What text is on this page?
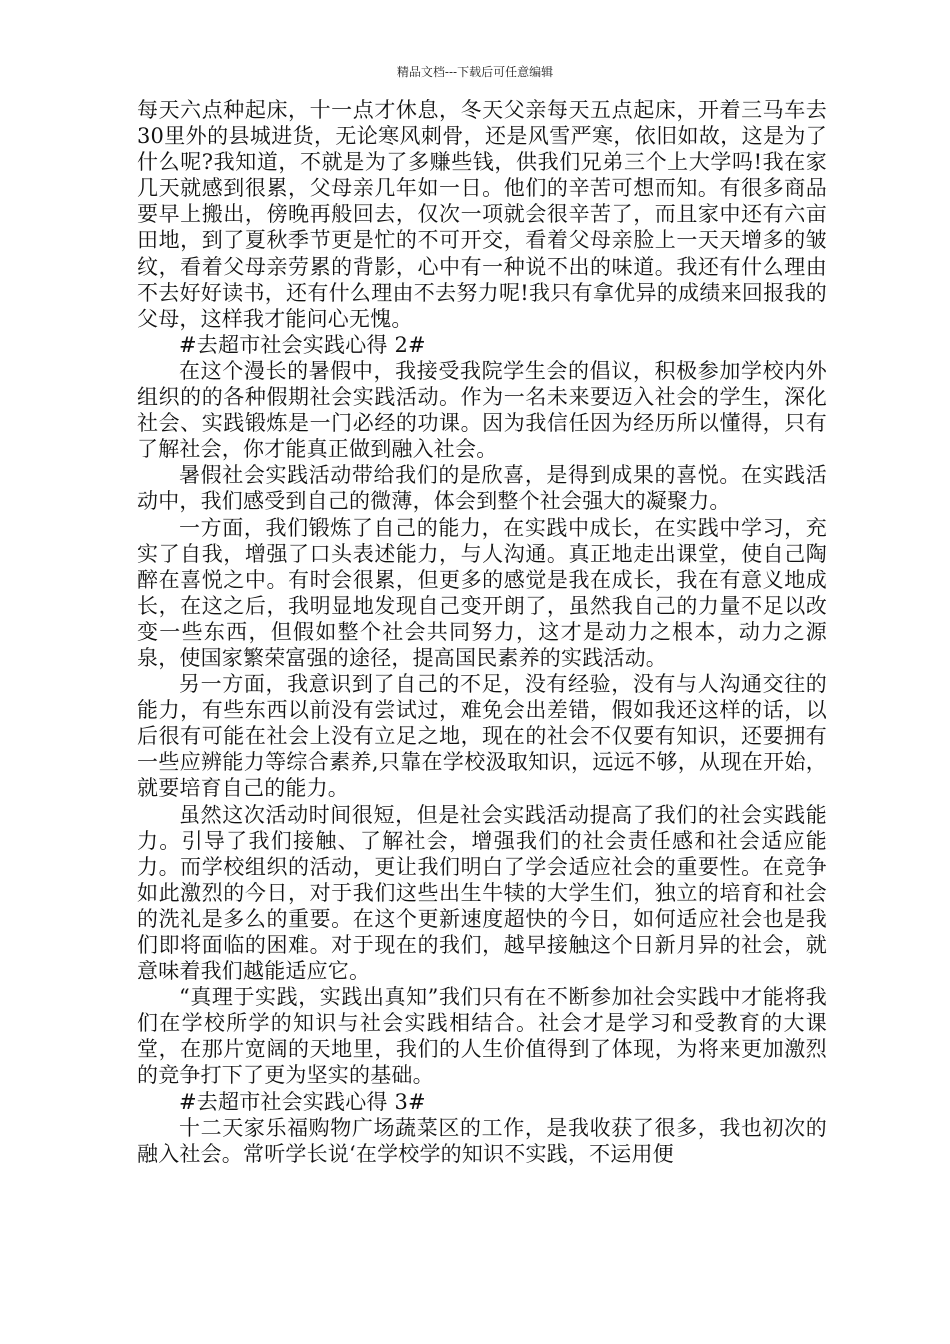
精品文档---下载后可任意编辑

每天六点种起床，十一点才休息，冬天父亲每天五点起床，开着三马车去30里外的县城进货，无论寒风刺骨，还是风雪严寒，依旧如故，这是为了什么呢?我知道，不就是为了多赚些钱，供我们兄弟三个上大学吗!我在家几天就感到很累，父母亲几年如一日。他们的辛苦可想而知。有很多商品要早上搬出，傍晚再般回去，仅次一项就会很辛苦了，而且家中还有六亩田地，到了夏秋季节更是忙的不可开交，看着父母亲脸上一天天增多的皱纹，看着父母亲劳累的背影，心中有一种说不出的味道。我还有什么理由不去好好读书，还有什么理由不去努力呢!我只有拿优异的成绩来回报我的父母，这样我才能问心无愧。

#去超市社会实践心得 2#

在这个漫长的暑假中，我接受我院学生会的倡议，积极参加学校内外组织的的各种假期社会实践活动。作为一名未来要迈入社会的学生，深化社会、实践锻炼是一门必经的功课。因为我信任因为经历所以懂得，只有了解社会，你才能真正做到融入社会。

暑假社会实践活动带给我们的是欣喜，是得到成果的喜悦。在实践活动中，我们感受到自己的微薄，体会到整个社会强大的凝聚力。

一方面，我们锻炼了自己的能力，在实践中成长，在实践中学习，充实了自我，增强了口头表述能力，与人沟通。真正地走出课堂，使自己陶醉在喜悦之中。有时会很累，但更多的感觉是我在成长，我在有意义地成长，在这之后，我明显地发现自己变开朗了，虽然我自己的力量不足以改变一些东西，但假如整个社会共同努力，这才是动力之根本，动力之源泉，使国家繁荣富强的途径，提高国民素养的实践活动。

另一方面，我意识到了自己的不足，没有经验，没有与人沟通交往的能力，有些东西以前没有尝试过，难免会出差错，假如我还这样的话，以后很有可能在社会上没有立足之地，现在的社会不仅要有知识，还要拥有一些应辨能力等综合素养,只靠在学校汲取知识，远远不够，从现在开始，就要培育自己的能力。

虽然这次活动时间很短，但是社会实践活动提高了我们的社会实践能力。引导了我们接触、了解社会，增强我们的社会责任感和社会适应能力。而学校组织的活动，更让我们明白了学会适应社会的重要性。在竞争如此激烈的今日，对于我们这些出生牛犊的大学生们，独立的培育和社会的洗礼是多么的重要。在这个更新速度超快的今日，如何适应社会也是我们即将面临的困难。对于现在的我们，越早接触这个日新月异的社会，就意味着我们越能适应它。

“真理于实践，实践出真知”我们只有在不断参加社会实践中才能将我们在学校所学的知识与社会实践相结合。社会才是学习和受教育的大课堂，在那片宽阔的天地里，我们的人生价值得到了体现，为将来更加激烈的竞争打下了更为坚实的基础。

#去超市社会实践心得 3#

十二天家乐福购物广场蔬菜区的工作，是我收获了很多，我也初次的融入社会。常听学长说‘在学校学的知识不实践，不运用便
